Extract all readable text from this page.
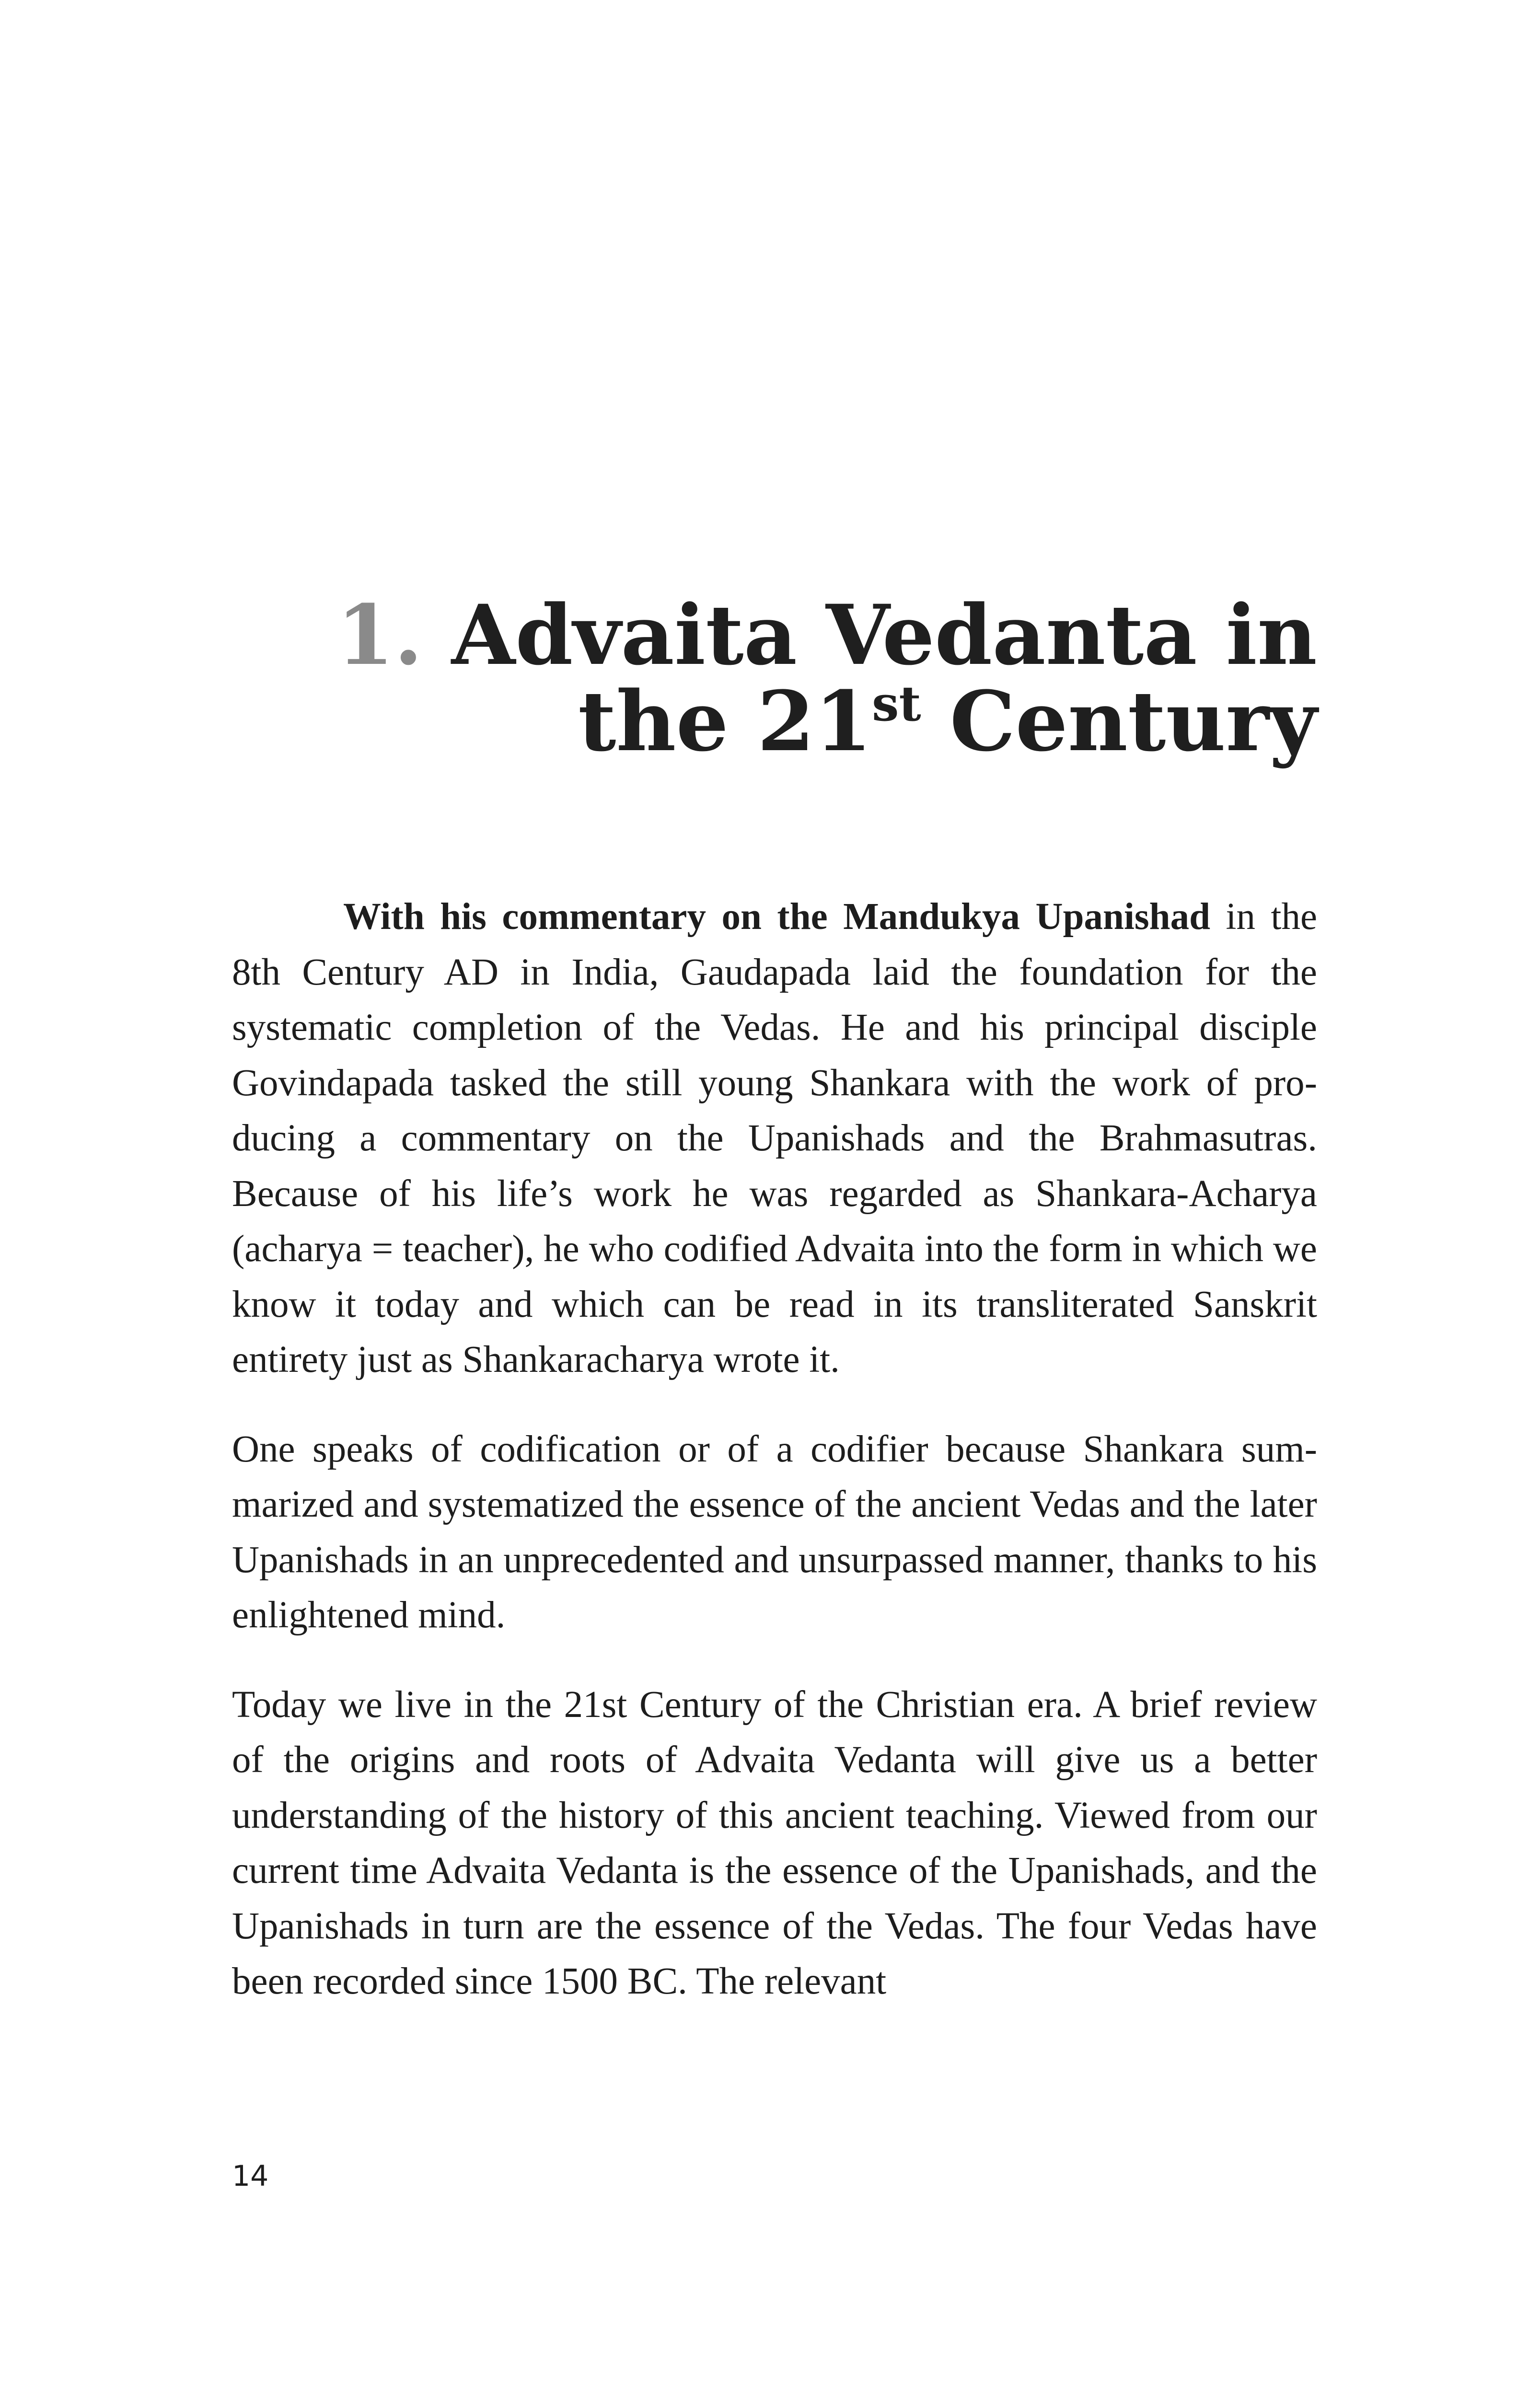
1. Advaita Vedanta in
the 21st Century

With his commentary on the Mandukya Upanishad in the 8th Century AD in India, Gaudapada laid the foundation for the systematic completion of the Vedas. He and his principal disciple Govindapada tasked the still young Shankara with the work of producing a commentary on the Upanishads and the Brahmasutras. Because of his life’s work he was regarded as Shankara-Acharya (acharya = teacher), he who codified Advaita into the form in which we know it today and which can be read in its transliterated Sanskrit entirety just as Shankaracharya wrote it.

One speaks of codification or of a codifier because Shankara summarized and systematized the essence of the ancient Vedas and the later Upanishads in an unprecedented and unsurpassed manner, thanks to his enlightened mind.

Today we live in the 21st Century of the Christian era. A brief review of the origins and roots of Advaita Vedanta will give us a better understanding of the history of this ancient teaching. Viewed from our current time Advaita Vedanta is the essence of the Upanishads, and the Upanishads in turn are the essence of the Vedas. The four Vedas have been recorded since 1500 BC. The relevant

14
